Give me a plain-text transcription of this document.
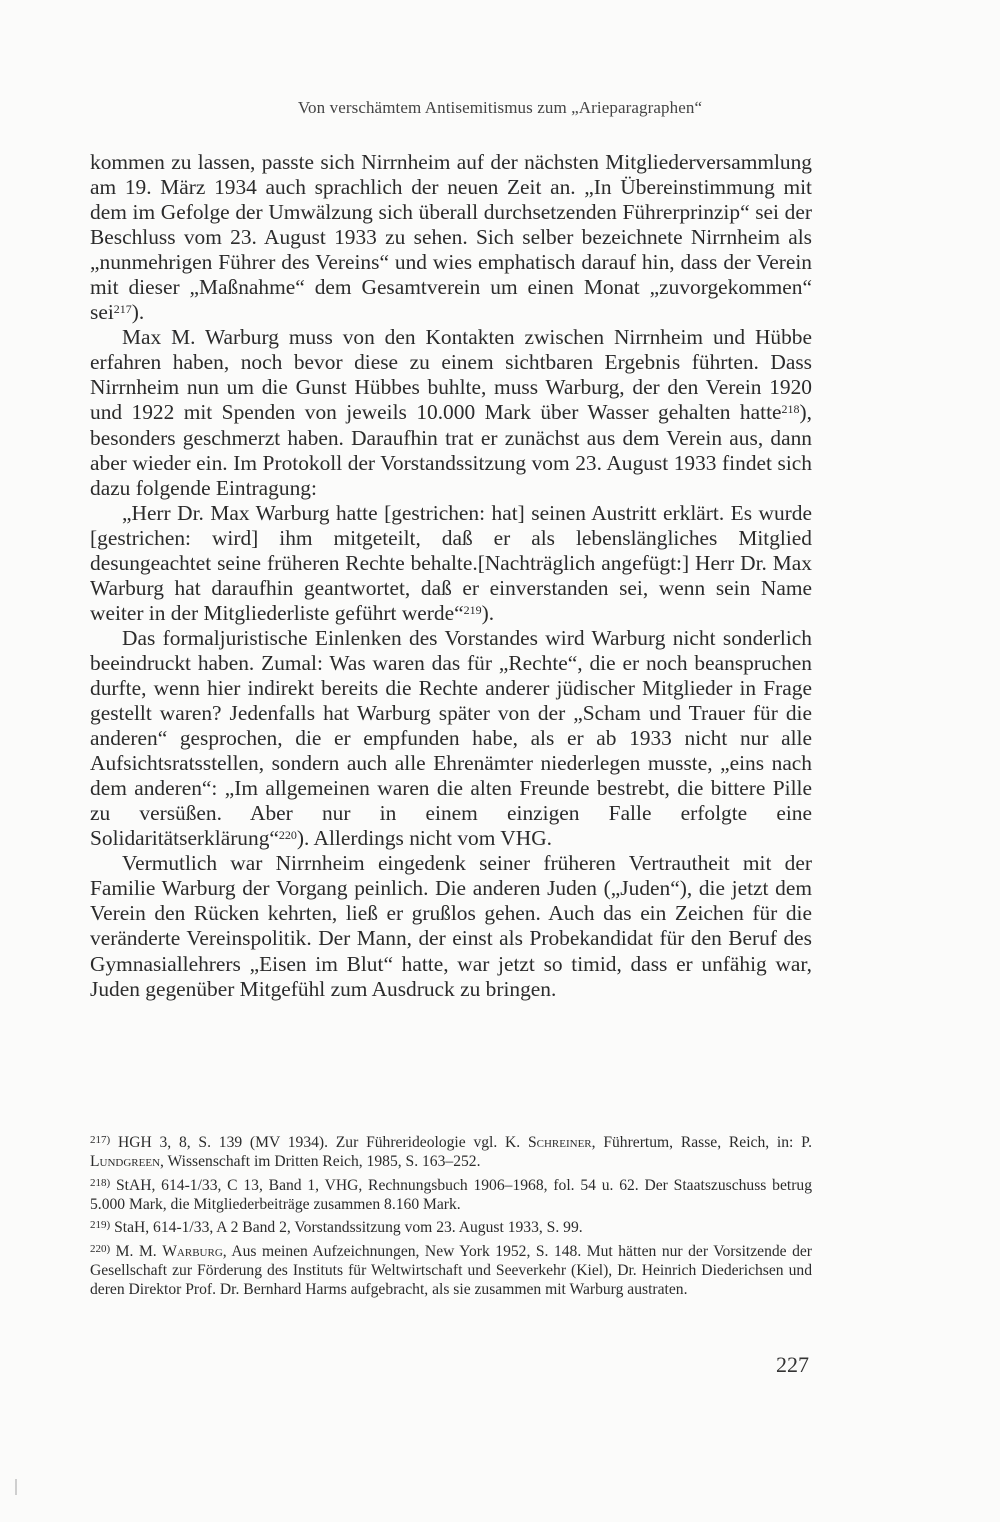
Von verschämtem Antisemitismus zum „Arieparagraphen“

kommen zu lassen, passte sich Nirrnheim auf der nächsten Mitgliederversammlung am 19. März 1934 auch sprachlich der neuen Zeit an. „In Übereinstimmung mit dem im Gefolge der Umwälzung sich überall durchsetzenden Führerprinzip“ sei der Beschluss vom 23. August 1933 zu sehen. Sich selber bezeichnete Nirrnheim als „nunmehrigen Führer des Vereins“ und wies emphatisch darauf hin, dass der Verein mit dieser „Maßnahme“ dem Gesamtverein um einen Monat „zuvorgekommen“ sei$^{217}$).

Max M. Warburg muss von den Kontakten zwischen Nirrnheim und Hübbe erfahren haben, noch bevor diese zu einem sichtbaren Ergebnis führten. Dass Nirrnheim nun um die Gunst Hübbes buhlte, muss Warburg, der den Verein 1920 und 1922 mit Spenden von jeweils 10.000 Mark über Wasser gehalten hatte$^{218}$), besonders geschmerzt haben. Daraufhin trat er zunächst aus dem Verein aus, dann aber wieder ein. Im Protokoll der Vorstandssitzung vom 23. August 1933 findet sich dazu folgende Eintragung:

„Herr Dr. Max Warburg hatte [gestrichen: hat] seinen Austritt erklärt. Es wurde [gestrichen: wird] ihm mitgeteilt, daß er als lebenslängliches Mitglied desungeachtet seine früheren Rechte behalte.[Nachträglich angefügt:] Herr Dr. Max Warburg hat daraufhin geantwortet, daß er einverstanden sei, wenn sein Name weiter in der Mitgliederliste geführt werde“$^{219}$).

Das formaljuristische Einlenken des Vorstandes wird Warburg nicht sonderlich beeindruckt haben. Zumal: Was waren das für „Rechte“, die er noch beanspruchen durfte, wenn hier indirekt bereits die Rechte anderer jüdischer Mitglieder in Frage gestellt waren? Jedenfalls hat Warburg später von der „Scham und Trauer für die anderen“ gesprochen, die er empfunden habe, als er ab 1933 nicht nur alle Aufsichtsratsstellen, sondern auch alle Ehrenämter niederlegen musste, „eins nach dem anderen“: „Im allgemeinen waren die alten Freunde bestrebt, die bittere Pille zu versüßen. Aber nur in einem einzigen Falle erfolgte eine Solidaritätserklärung“$^{220}$). Allerdings nicht vom VHG.

Vermutlich war Nirrnheim eingedenk seiner früheren Vertrautheit mit der Familie Warburg der Vorgang peinlich. Die anderen Juden („Juden“), die jetzt dem Verein den Rücken kehrten, ließ er grußlos gehen. Auch das ein Zeichen für die veränderte Vereinspolitik. Der Mann, der einst als Probekandidat für den Beruf des Gymnasiallehrers „Eisen im Blut“ hatte, war jetzt so timid, dass er unfähig war, Juden gegenüber Mitgefühl zum Ausdruck zu bringen.

$^{217)}$ HGH 3, 8, S. 139 (MV 1934). Zur Führerideologie vgl. K. Schreiner, Führertum, Rasse, Reich, in: P. Lundgreen, Wissenschaft im Dritten Reich, 1985, S. 163–252.

$^{218)}$ StAH, 614-1/33, C 13, Band 1, VHG, Rechnungsbuch 1906–1968, fol. 54 u. 62. Der Staatszuschuss betrug 5.000 Mark, die Mitgliederbeiträge zusammen 8.160 Mark.

$^{219)}$ StaH, 614-1/33, A 2 Band 2, Vorstandssitzung vom 23. August 1933, S. 99.

$^{220)}$ M. M. Warburg, Aus meinen Aufzeichnungen, New York 1952, S. 148. Mut hätten nur der Vorsitzende der Gesellschaft zur Förderung des Instituts für Weltwirtschaft und Seeverkehr (Kiel), Dr. Heinrich Diederichsen und deren Direktor Prof. Dr. Bernhard Harms aufgebracht, als sie zusammen mit Warburg austraten.

227
